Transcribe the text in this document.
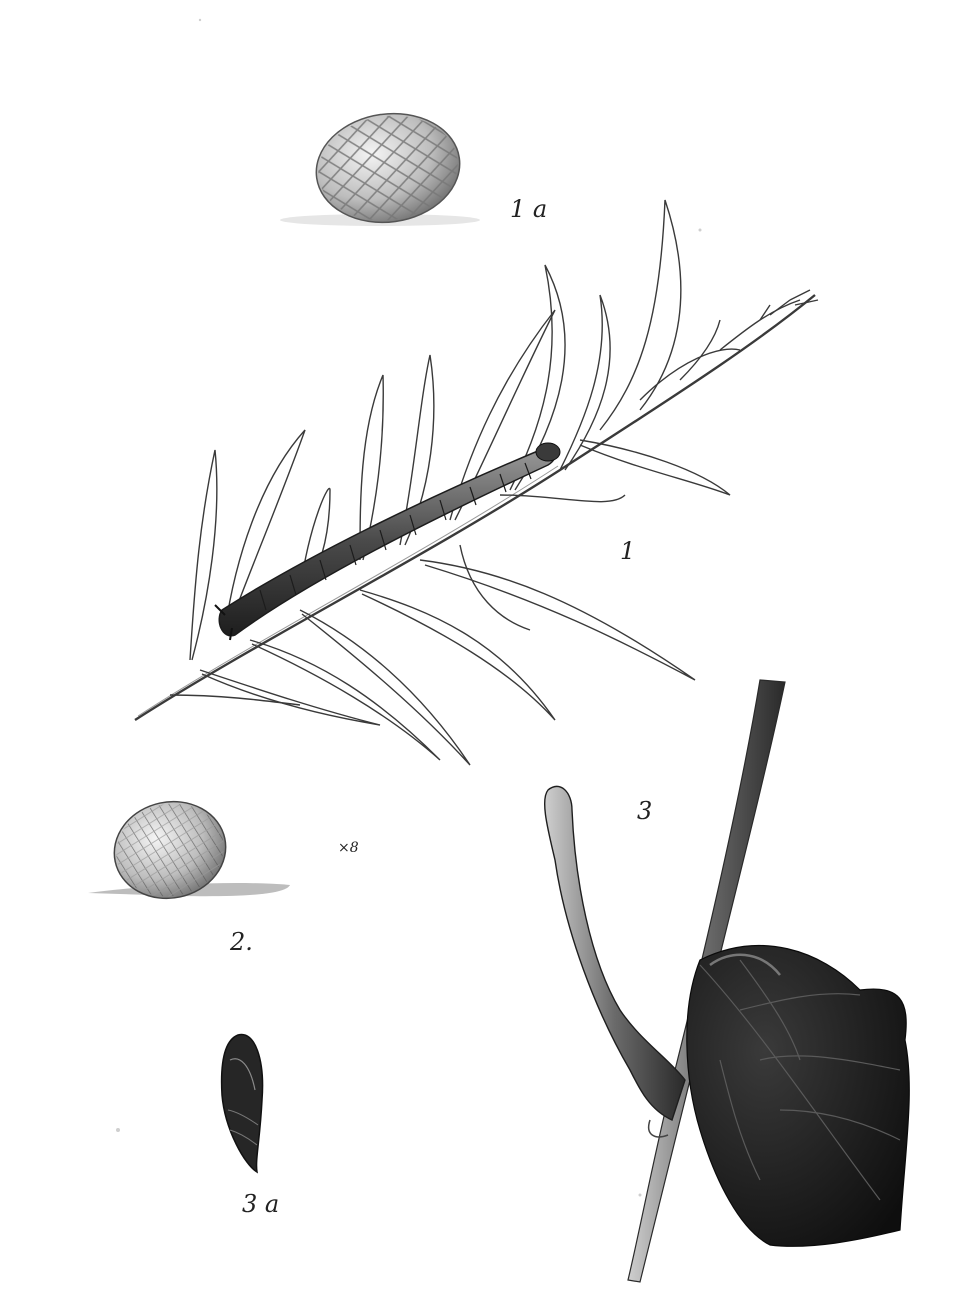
1 a
1
×8
2.
3
3 a
